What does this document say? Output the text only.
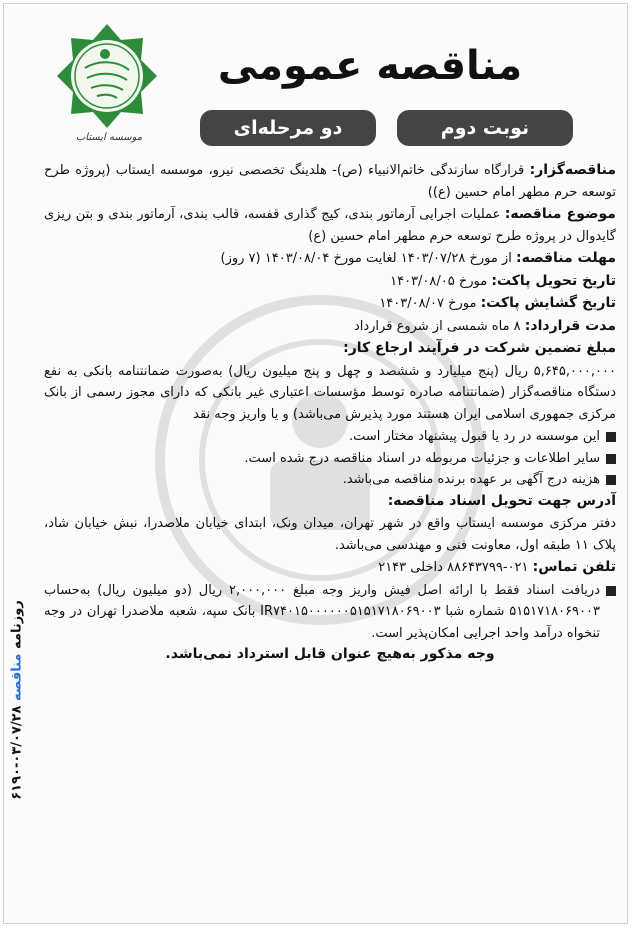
موسسه ایستاب
مناقصه عمومی
نوبت دوم
دو مرحله‌ای
روزنامه مناقصه ۰۳/۰۷/۲۸-۶۱۹۰

مناقصه‌گزار: قرارگاه سازندگی خاتم‌الانبیاء (ص)- هلدینگ تخصصی نیرو، موسسه ایستاب (پروژه طرح توسعه حرم مطهر امام حسین (ع))

موضوع مناقصه: عملیات اجرایی آرماتور بندی، کیج گذاری قفسه، قالب بندی، آرماتور بندی و بتن ریزی گایدوال در پروژه طرح توسعه حرم مطهر امام حسین (ع)

مهلت مناقصه: از مورخ ۱۴۰۳/۰۷/۲۸ لغایت مورخ ۱۴۰۳/۰۸/۰۴ (۷ روز)

تاریخ تحویل پاکت: مورخ ۱۴۰۳/۰۸/۰۵

تاریخ گشایش پاکت: مورخ ۱۴۰۳/۰۸/۰۷

مدت قرارداد: ۸ ماه شمسی از شروع قرارداد

مبلغ تضمین شرکت در فرآیند ارجاع کار:

۵,۶۴۵,۰۰۰,۰۰۰ ریال (پنج میلیارد و ششصد و چهل و پنج میلیون ریال) به‌صورت ضمانتنامه بانکی به نفع دستگاه مناقصه‌گزار (ضمانتنامه صادره توسط مؤسسات اعتباری غیر بانکی که دارای مجوز رسمی از بانک مرکزی جمهوری اسلامی ایران هستند مورد پذیرش می‌باشد) و یا واریز وجه نقد

این موسسه در رد یا قبول پیشنهاد مختار است.
سایر اطلاعات و جزئیات مربوطه در اسناد مناقصه درج شده است.
هزینه درج آگهی بر عهده برنده مناقصه می‌باشد.

آدرس جهت تحویل اسناد مناقصه:

دفتر مرکزی موسسه ایستاب واقع در شهر تهران، میدان ونک، ابتدای خیابان ملاصدرا، نبش خیابان شاد، پلاک ۱۱ طبقه اول، معاونت فنی و مهندسی می‌باشد.

تلفن تماس: ۰۲۱-۸۸۶۴۳۷۹۹ داخلی ۲۱۴۳

دریافت اسناد فقط با ارائه اصل فیش واریز وجه مبلغ ۲,۰۰۰,۰۰۰ ریال (دو میلیون ریال) به‌حساب ۵۱۵۱۷۱۸۰۶۹۰۰۳ شماره شبا IR۷۴۰۱۵۰۰۰۰۰۰۵۱۵۱۷۱۸۰۶۹۰۰۳ بانک سپه، شعبه ملاصدرا تهران در وجه تنخواه درآمد واحد اجرایی امکان‌پذیر است.

وجه مذکور به‌هیچ عنوان قابل استرداد نمی‌باشد.
